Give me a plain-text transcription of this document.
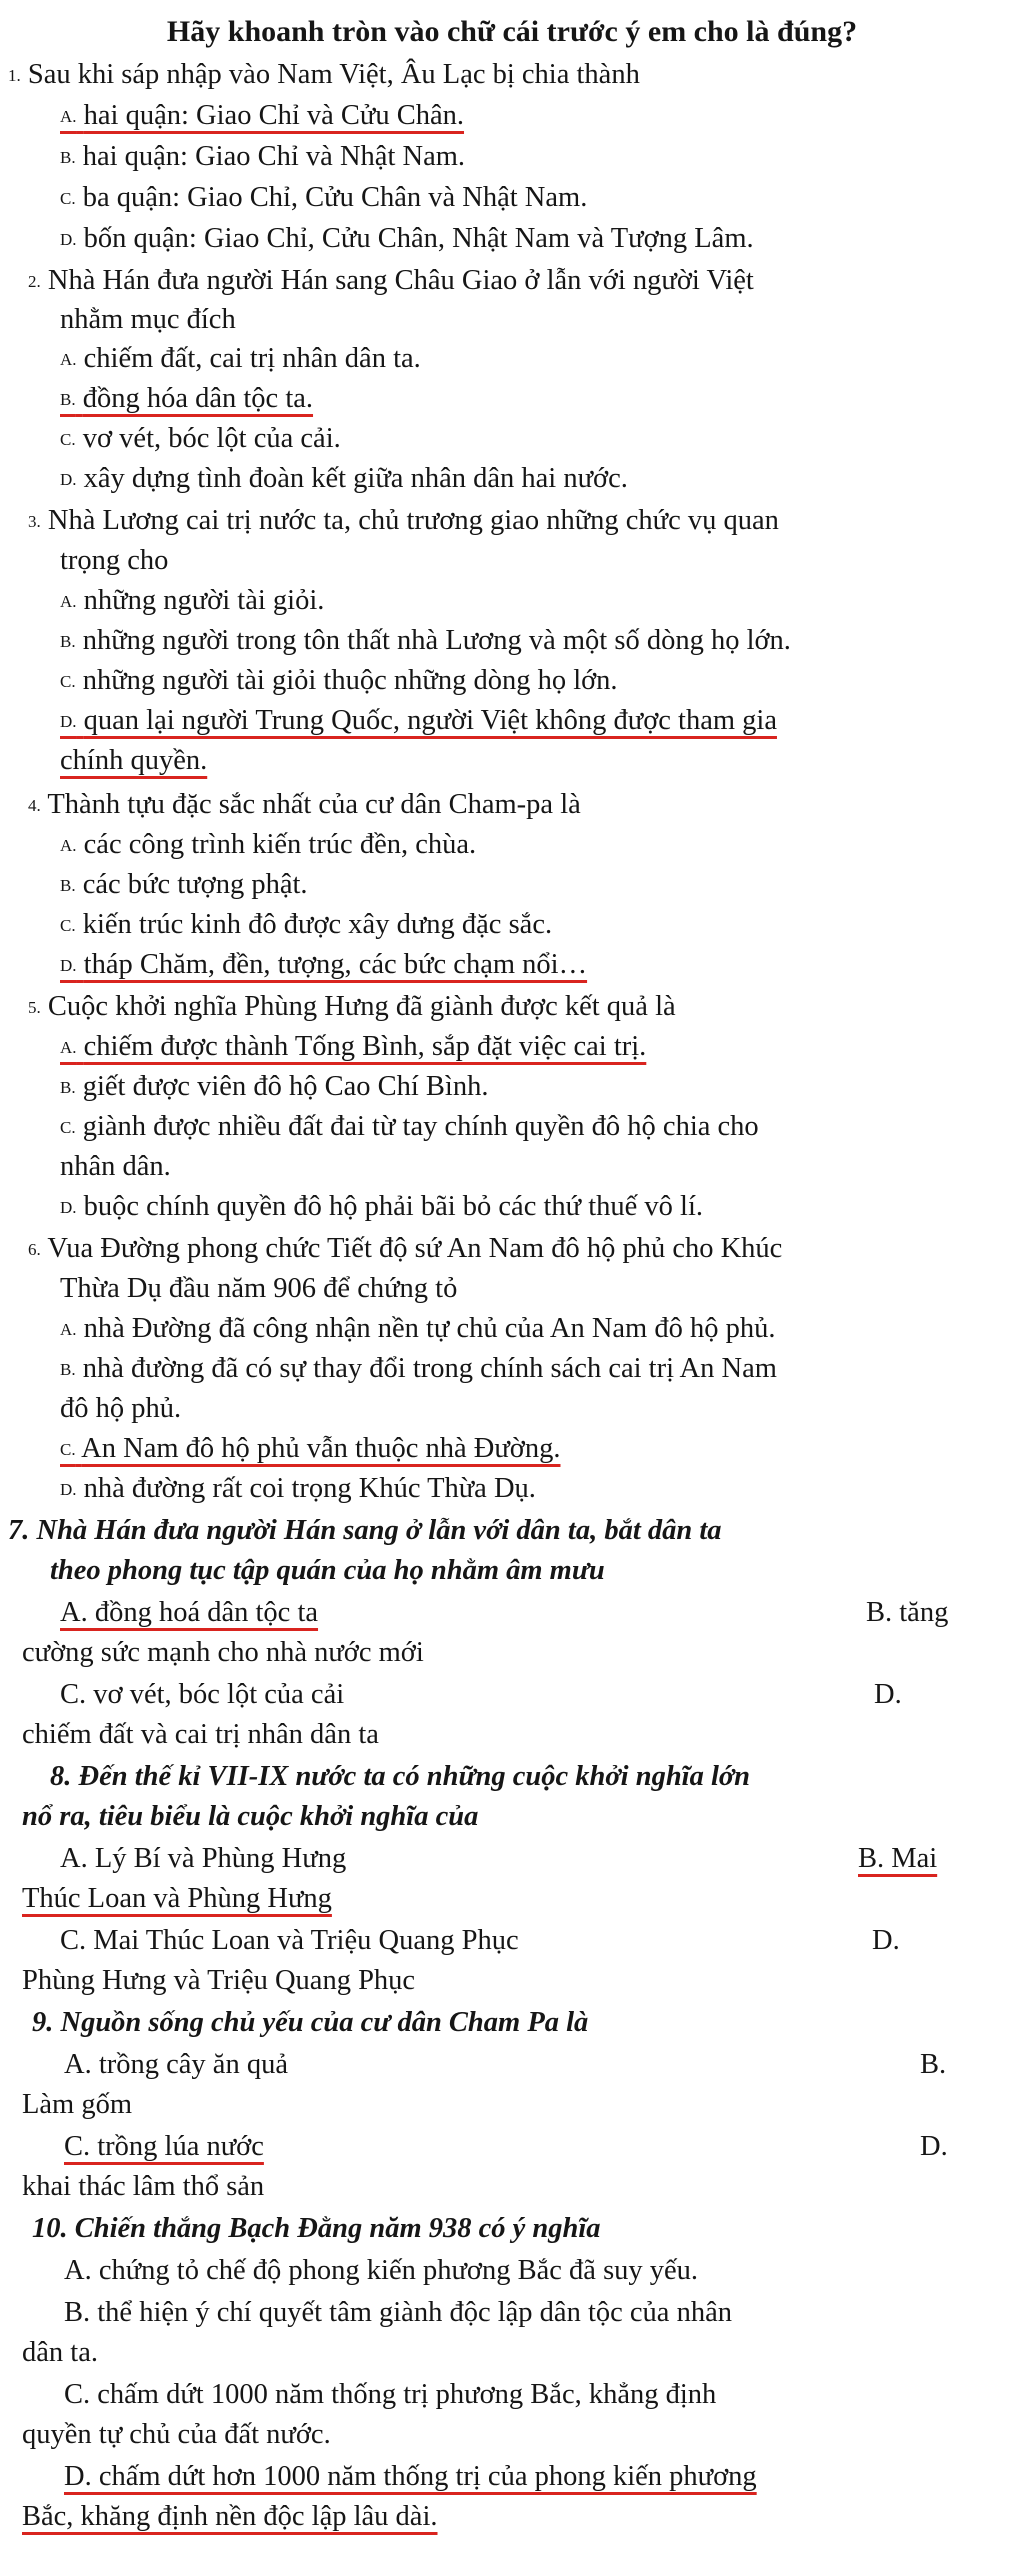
Hãy khoanh tròn vào chữ cái trước ý em cho là đúng?
1. Sau khi sáp nhập vào Nam Việt, Âu Lạc bị chia thành
A. hai quận: Giao Chỉ và Cửu Chân.
B. hai quận: Giao Chỉ và Nhật Nam.
C. ba quận: Giao Chỉ, Cửu Chân và Nhật Nam.
D. bốn quận: Giao Chỉ, Cửu Chân, Nhật Nam và Tượng Lâm.
2. Nhà Hán đưa người Hán sang Châu Giao ở lẫn với người Việt
nhằm mục đích
A. chiếm đất, cai trị nhân dân ta.
B. đồng hóa dân tộc ta.
C. vơ vét, bóc lột của cải.
D. xây dựng tình đoàn kết giữa nhân dân hai nước.
3. Nhà Lương cai trị nước ta, chủ trương giao những chức vụ quan
trọng cho
A. những người tài giỏi.
B. những người trong tôn thất nhà Lương và một số dòng họ lớn.
C. những người tài giỏi thuộc những dòng họ lớn.
D. quan lại người Trung Quốc, người Việt không được tham gia
chính quyền.
4. Thành tựu đặc sắc nhất của cư dân Cham-pa là
A. các công trình kiến trúc đền, chùa.
B. các bức tượng phật.
C. kiến trúc kinh đô được xây dưng đặc sắc.
D. tháp Chăm, đền, tượng, các bức chạm nổi…
5. Cuộc khởi nghĩa Phùng Hưng đã giành được kết quả là
A. chiếm được thành Tống Bình, sắp đặt việc cai trị.
B. giết được viên đô hộ Cao Chí Bình.
C. giành được nhiều đất đai từ tay chính quyền đô hộ chia cho
nhân dân.
D. buộc chính quyền đô hộ phải bãi bỏ các thứ thuế vô lí.
6. Vua Đường phong chức Tiết độ sứ An Nam đô hộ phủ cho Khúc
Thừa Dụ đầu năm 906 để chứng tỏ
A. nhà Đường đã công nhận nền tự chủ của An Nam đô hộ phủ.
B. nhà đường đã có sự thay đổi trong chính sách cai trị An Nam
đô hộ phủ.
C. An Nam đô hộ phủ vẫn thuộc nhà Đường.
D. nhà đường rất coi trọng Khúc Thừa Dụ.
7. Nhà Hán đưa người Hán sang ở lẫn với dân ta, bắt dân ta
theo phong tục tập quán của họ nhằm âm mưu
A. đồng hoá dân tộc ta	B. tăng
cường sức mạnh cho nhà nước mới
C. vơ vét, bóc lột của cải	D.
chiếm đất và cai trị nhân dân ta
8. Đến thế kỉ VII-IX nước ta có những cuộc khởi nghĩa lớn
nổ ra, tiêu biểu là cuộc khởi nghĩa của
A. Lý Bí và Phùng Hưng	B. Mai
Thúc Loan và Phùng Hưng
C. Mai Thúc Loan và Triệu Quang Phục	D.
Phùng Hưng và Triệu Quang Phục
9. Nguồn sống chủ yếu của cư dân Cham Pa là
A. trồng cây ăn quả	B.
Làm gốm
C. trồng lúa nước	D.
khai thác lâm thổ sản
10. Chiến thắng Bạch Đằng năm 938 có ý nghĩa
A. chứng tỏ chế độ phong kiến phương Bắc đã suy yếu.
B. thể hiện ý chí quyết tâm giành độc lập dân tộc của nhân
dân ta.
C. chấm dứt 1000 năm thống trị phương Bắc, khẳng định
quyền tự chủ của đất nước.
D. chấm dứt hơn 1000 năm thống trị của phong kiến phương
Bắc, khăng định nền độc lập lâu dài.
